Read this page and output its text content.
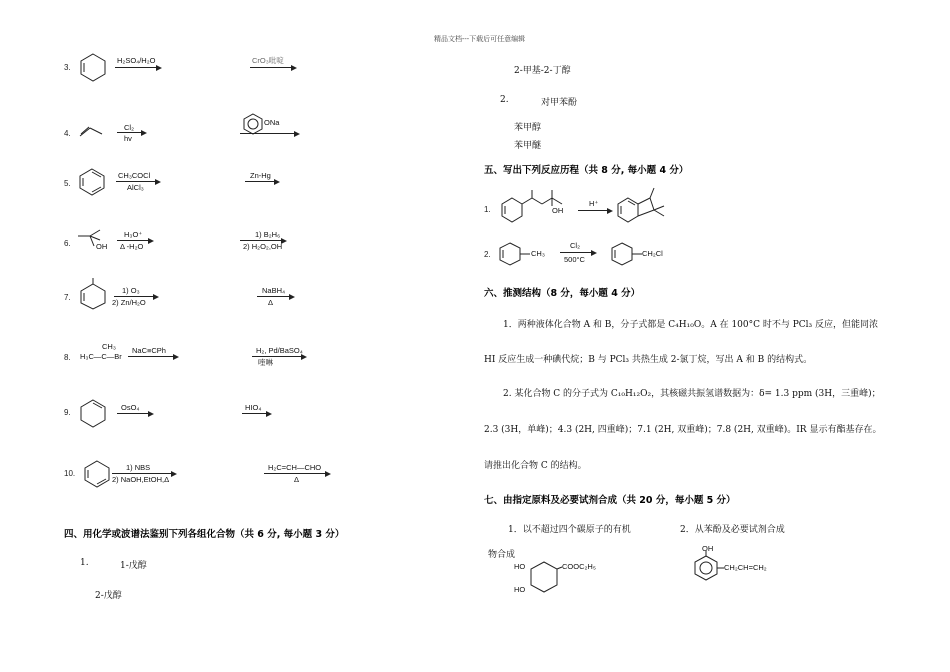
精品文档---下载后可任意编辑
3.
H₂SO₄/H₂O	CrO₃吡啶
4.
Cl₂
hv
ONa
5.
CH₃COCl
AlCl₃
Zn-Hg
6.	OH
H₃O⁺
Δ -H₂O
1) B₂H₆
2) H₂O₂,OH
7.
1) O₃
2) Zn/H₂O
NaBH₄
Δ
8.
CH₃
H₃C—C—Br
NaC≡CPh	H₂, Pd/BaSO₄
喹啉
9.
OsO₄	HIO₄
10.
1) NBS
2) NaOH,EtOH,Δ
H₂C=CH—CHO
Δ
四、用化学或波谱法鉴别下列各组化合物（共 6 分, 每小题 3 分）
1.	1-戊醇
2-戊醇
2-甲基-2-丁醇
2.	对甲苯酚
苯甲醇
苯甲醚
五、写出下列反应历程（共 8 分, 每小题 4 分）
1.	OH
H⁺
2.	CH₃
Cl₂
500°C
CH₂Cl
六、推测结构（8 分，每小题 4 分）
1．两种液体化合物 A 和 B，分子式都是 C₄H₁₀O。A 在 100°C 时不与 PCl₃ 反应，但能同浓
HI 反应生成一种碘代烷；B 与 PCl₃ 共热生成 2-氯丁烷，写出 A 和 B 的结构式。
2. 某化合物 C 的分子式为 C₁₀H₁₂O₂，其核磁共振氢谱数据为：δ= 1.3 ppm (3H，三重峰)；
2.3 (3H，单峰)；4.3 (2H, 四重峰)；7.1 (2H, 双重峰)；7.8 (2H, 双重峰)。IR 显示有酯基存在。
请推出化合物 C 的结构。
七、由指定原料及必要试剂合成（共 20 分，每小题 5 分）
1．以不超过四个碳原子的有机	2．从苯酚及必要试剂合成
物合成
HO
HO
COOC₂H₅
OH
CH₂CH=CH₂
